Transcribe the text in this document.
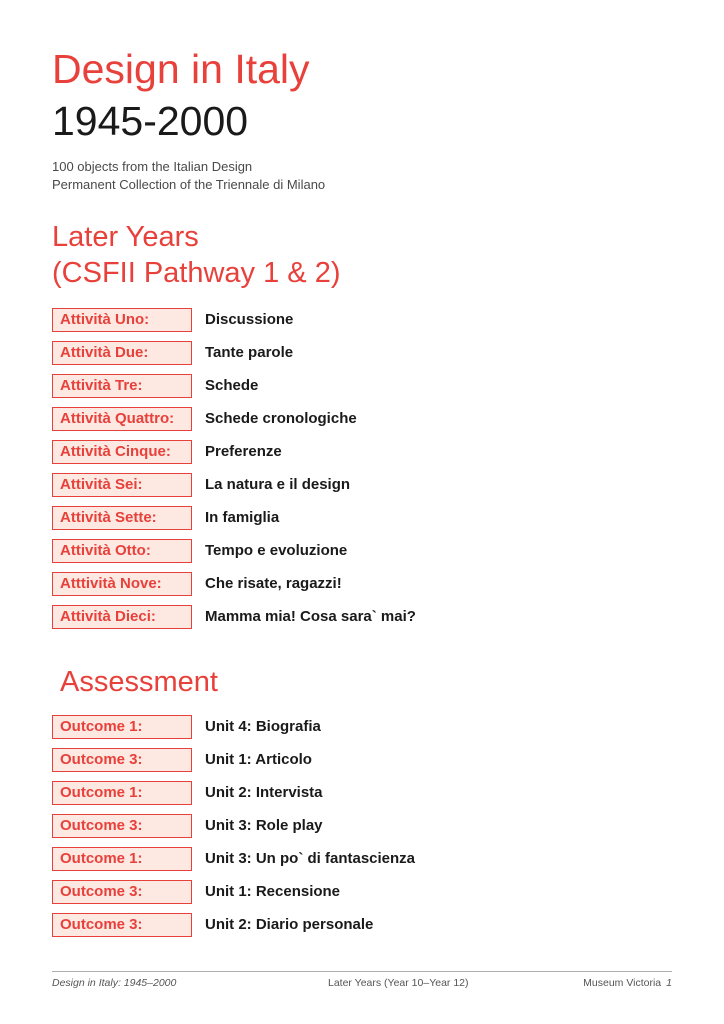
Design in Italy
1945-2000
100 objects from the Italian Design
Permanent Collection of the Triennale di Milano
Later Years
(CSFII Pathway 1 & 2)
Attività Uno:	Discussione
Attività Due:	Tante parole
Attività Tre:	Schede
Attività Quattro:	Schede cronologiche
Attività Cinque:	Preferenze
Attività Sei:	La natura e il design
Attività Sette:	In famiglia
Attività Otto:	Tempo e evoluzione
Atttività Nove:	Che risate, ragazzi!
Attività Dieci:	Mamma mia! Cosa sara` mai?
Assessment
Outcome 1:	Unit 4: Biografia
Outcome 3:	Unit 1: Articolo
Outcome 1:	Unit 2: Intervista
Outcome 3:	Unit 3: Role play
Outcome 1:	Unit 3: Un po` di fantascienza
Outcome 3:	Unit 1: Recensione
Outcome 3:	Unit 2: Diario personale
Design in Italy: 1945–2000	Later Years (Year 10–Year 12)	Museum Victoria 1
